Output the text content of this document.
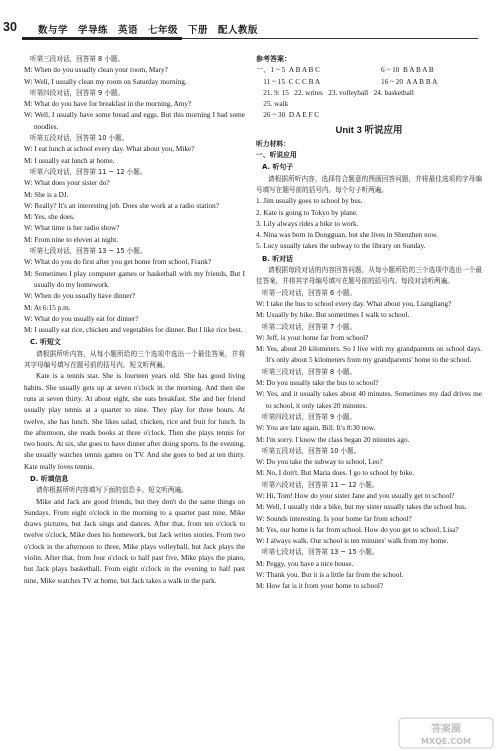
30 数与学　学导练　英语　七年级　下册　配人教版

听第三段对话，回答第 8 小题。

M: When do you usually clean your room, Mary?

W: Well, I usually clean my room on Saturday morning.

听第四段对话，回答第 9 小题。

M: What do you have for breakfast in the morning, Amy?

W: Well, I usually have some bread and eggs. But this morning I had some noodles.

听第五段对话，回答第 10 小题。

W: I eat lunch at school every day. What about you, Mike?

M: I usually eat lunch at home.

听第六段对话，回答第 11 ~ 12 小题。

W: What does your sister do?

M: She is a DJ.

W: Really? It's an interesting job. Does she work at a radio station?

M: Yes, she does.

W: What time is her radio show?

M: From nine to eleven at night.

听第七段对话，回答第 13 ~ 15 小题。

W: What do you do first after you get home from school, Frank?

M: Sometimes I play computer games or basketball with my friends. But I usually do my homework.

W: When do you usually have dinner?

M: At 6:15 p.m.

W: What do you usually eat for dinner?

M: I usually eat rice, chicken and vegetables for dinner. But I like rice best.

C. 听短文

请根据所听内容，从每小题所给的三个选项中选出一个最佳答案，并将其字母编号填写在题号前的括号内。短文听两遍。

Kate is a tennis star. She is fourteen years old. She has good living habits. She usually gets up at seven o'clock in the morning. And then she runs at seven thirty. At about eight, she eats breakfast. She and her friend usually play tennis at a quarter to nine. They play for three hours. At twelve, she has lunch. She likes salad, chicken, rice and fruit for lunch. In the afternoon, she reads books at three o'clock. Then she plays tennis for two hours. At six, she goes to have dinner after doing sports. In the evening, she usually watches tennis games on TV. And she goes to bed at ten thirty. Kate really loves tennis.

D. 听填信息

请你根据所听内容填写下面的信息卡。短文听两遍。

Mike and Jack are good friends, but they don't do the same things on Sundays. From eight o'clock in the morning to a quarter past nine, Mike draws pictures, but Jack sings and dances. After that, from ten o'clock to twelve o'clock, Mike does his homework, but Jack writes stories. From two o'clock in the afternoon to three, Mike plays volleyball, but Jack plays the violin. After that, from four o'clock to half past five, Mike plays the piano, but Jack plays basketball. From eight o'clock in the evening to half past nine, Mike watches TV at home, but Jack takes a walk in the park.

参考答案：
一、1 ~ 5  A B A B C	6 ~ 10  B A B A B
11 ~ 15  C C C B A	16 ~ 20  A A B B A
21. 9: 15   22. writes   23. volleyball   24. basketball
25. walk
26 ~ 30  D A E F C
Unit 3 听说应用

听力材料：

一、听说应用

A. 听句子

请根据所听内容，选择符合题意的图画回答问题，并将最佳选项的字母编号填写在题号前的括号内。每个句子听两遍。

1. Jim usually goes to school by bus.

2. Kate is going to Tokyo by plane.

3. Lily always rides a bike to work.

4. Nina was born in Dongguan, but she lives in Shenzhen now.

5. Lucy usually takes the subway to the library on Sunday.

B. 听对话

请根据每段对话的内容回答问题，从每小题所给的三个选项中选出一个最佳答案，并将其字母编号填写在题号前的括号内。每段对话听两遍。

听第一段对话，回答第 6 小题。

W: I take the bus to school every day. What about you, Liangliang?

M: Usually by bike. But sometimes I walk to school.

听第二段对话，回答第 7 小题。

W: Jeff, is your home far from school?

M: Yes, about 20 kilometers. So I live with my grandparents on school days. It's only about 5 kilometers from my grandparents' home to the school.

听第三段对话，回答第 8 小题。

M: Do you usually take the bus to school?

W: Yes, and it usually takes about 40 minutes. Sometimes my dad drives me to school, it only takes 20 minutes.

听第四段对话，回答第 9 小题。

W: You are late again, Bill. It's 8:30 now.

M: I'm sorry. I know the class began 20 minutes ago.

听第五段对话，回答第 10 小题。

W: Do you take the subway to school, Leo?

M: No, I don't. But Maria does. I go to school by bike.

听第六段对话，回答第 11 ~ 12 小题。

W: Hi, Tom! How do your sister Jane and you usually get to school?

M: Well, I usually ride a bike, but my sister usually takes the school bus.

W: Sounds interesting. Is your home far from school?

M: Yes, our home is far from school. How do you get to school, Lisa?

W: I always walk. Our school is ten minutes' walk from my home.

听第七段对话，回答第 13 ~ 15 小题。

M: Peggy, you have a nice house.

W: Thank you. But it is a little far from the school.

M: How far is it from your home to school?

答案圈
MXQE.COM
